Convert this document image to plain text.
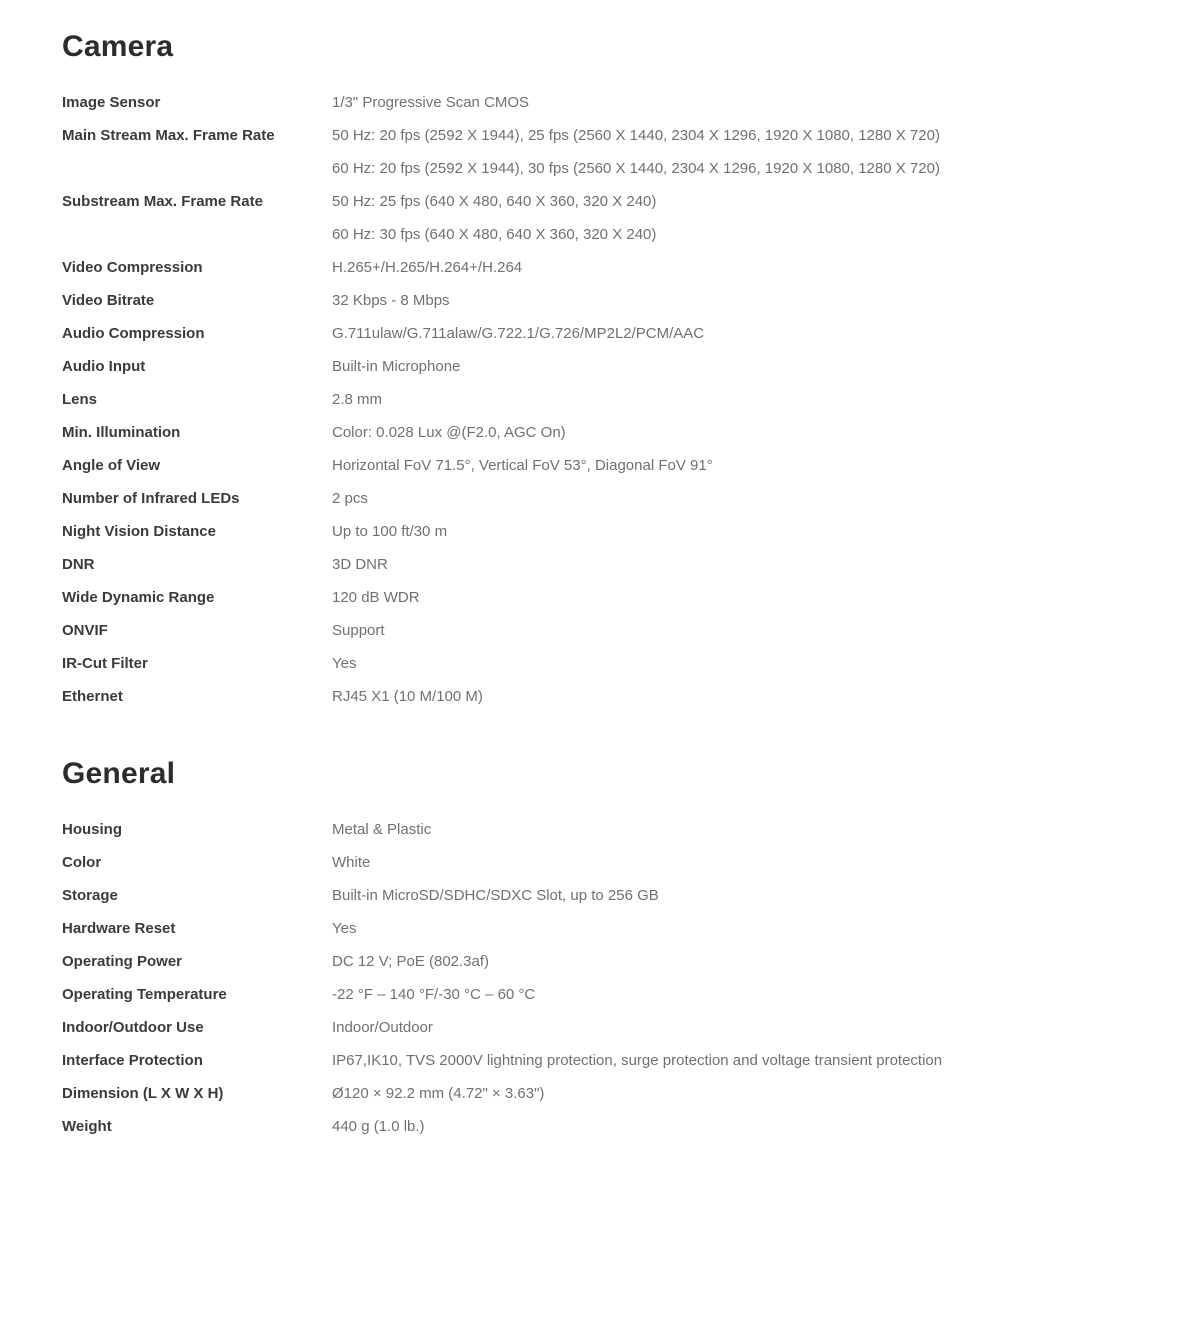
Camera
Image Sensor	1/3" Progressive Scan CMOS
Main Stream Max. Frame Rate	50 Hz: 20 fps (2592 X 1944), 25 fps (2560 X 1440, 2304 X 1296, 1920 X 1080, 1280 X 720)
60 Hz: 20 fps (2592 X 1944), 30 fps (2560 X 1440, 2304 X 1296, 1920 X 1080, 1280 X 720)
Substream Max. Frame Rate	50 Hz: 25 fps (640 X 480, 640 X 360, 320 X 240)
60 Hz: 30 fps (640 X 480, 640 X 360, 320 X 240)
Video Compression	H.265+/H.265/H.264+/H.264
Video Bitrate	32 Kbps - 8 Mbps
Audio Compression	G.711ulaw/G.711alaw/G.722.1/G.726/MP2L2/PCM/AAC
Audio Input	Built-in Microphone
Lens	2.8 mm
Min. Illumination	Color: 0.028 Lux @(F2.0, AGC On)
Angle of View	Horizontal FoV 71.5°, Vertical FoV 53°, Diagonal FoV 91°
Number of Infrared LEDs	2 pcs
Night Vision Distance	Up to 100 ft/30 m
DNR	3D DNR
Wide Dynamic Range	120 dB WDR
ONVIF	Support
IR-Cut Filter	Yes
Ethernet	RJ45 X1 (10 M/100 M)
General
Housing	Metal & Plastic
Color	White
Storage	Built-in MicroSD/SDHC/SDXC Slot, up to 256 GB
Hardware Reset	Yes
Operating Power	DC 12 V; PoE (802.3af)
Operating Temperature	-22 °F – 140 °F/-30 °C – 60 °C
Indoor/Outdoor Use	Indoor/Outdoor
Interface Protection	IP67,IK10, TVS 2000V lightning protection, surge protection and voltage transient protection
Dimension (L X W X H)	Ø120 × 92.2 mm (4.72" × 3.63")
Weight	440 g (1.0 lb.)
